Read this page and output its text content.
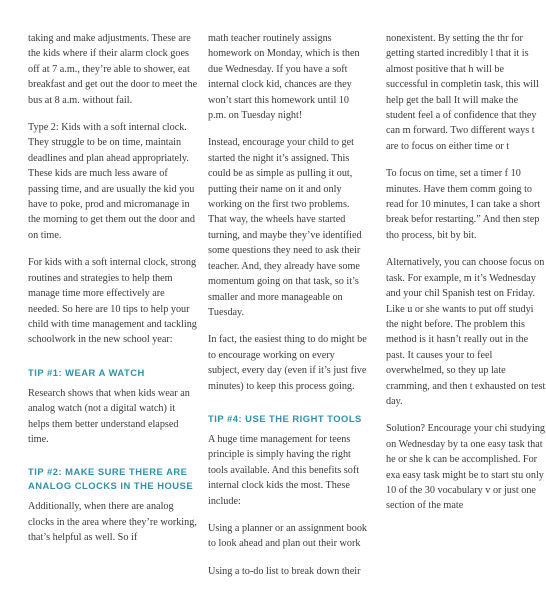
taking and make adjustments. These are the kids where if their alarm clock goes off at 7 a.m., they’re able to shower, eat breakfast and get out the door to meet the bus at 8 a.m. without fail.

Type 2: Kids with a soft internal clock. They struggle to be on time, maintain deadlines and plan ahead appropriately. These kids are much less aware of passing time, and are usually the kid you have to poke, prod and micromanage in the morning to get them out the door and on time.

For kids with a soft internal clock, strong routines and strategies to help them manage time more effectively are needed. So here are 10 tips to help your child with time management and tackling schoolwork in the new school year:

TIP #1: WEAR A WATCH

Research shows that when kids wear an analog watch (not a digital watch) it helps them better understand elapsed time.

TIP #2: MAKE SURE THERE ARE ANALOG CLOCKS IN THE HOUSE

Additionally, when there are analog clocks in the area where they’re working, that’s helpful as well. So if

math teacher routinely assigns homework on Monday, which is then due Wednesday. If you have a soft internal clock kid, chances are they won’t start this homework until 10 p.m. on Tuesday night!

Instead, encourage your child to get started the night it’s assigned. This could be as simple as pulling it out, putting their name on it and only working on the first two problems. That way, the wheels have started turning, and maybe they’ve identified some questions they need to ask their teacher. And, they already have some momentum going on that task, so it’s smaller and more manageable on Tuesday.

In fact, the easiest thing to do might be to encourage working on every subject, every day (even if it’s just five minutes) to keep this process going.

TIP #4: USE THE RIGHT TOOLS

A huge time management for teens principle is simply having the right tools available. And this benefits soft internal clock kids the most. These include:

Using a planner or an assignment book to look ahead and plan out their work

Using a to-do list to break down their

nonexistent. By setting the thr for getting started incredibly l that it is almost positive that h will be successful in completin task, this will help get the ball It will make the student feel a of confidence that they can m forward. Two different ways t are to focus on either time or t

To focus on time, set a timer f 10 minutes. Have them comm going to read for 10 minutes, I can take a short break befor restarting.” And then step tho process, bit by bit.

Alternatively, you can choose focus on task. For example, m it’s Wednesday and your chil Spanish test on Friday. Like u or she wants to put off studyi the night before. The problem this method is it hasn’t really out in the past. It causes your to feel overwhelmed, so they up late cramming, and then t exhausted on test day.

Solution? Encourage your chi studying on Wednesday by ta one easy task that he or she k can be accomplished. For exa easy task might be to start stu only 10 of the 30 vocabulary v or just one section of the mate
